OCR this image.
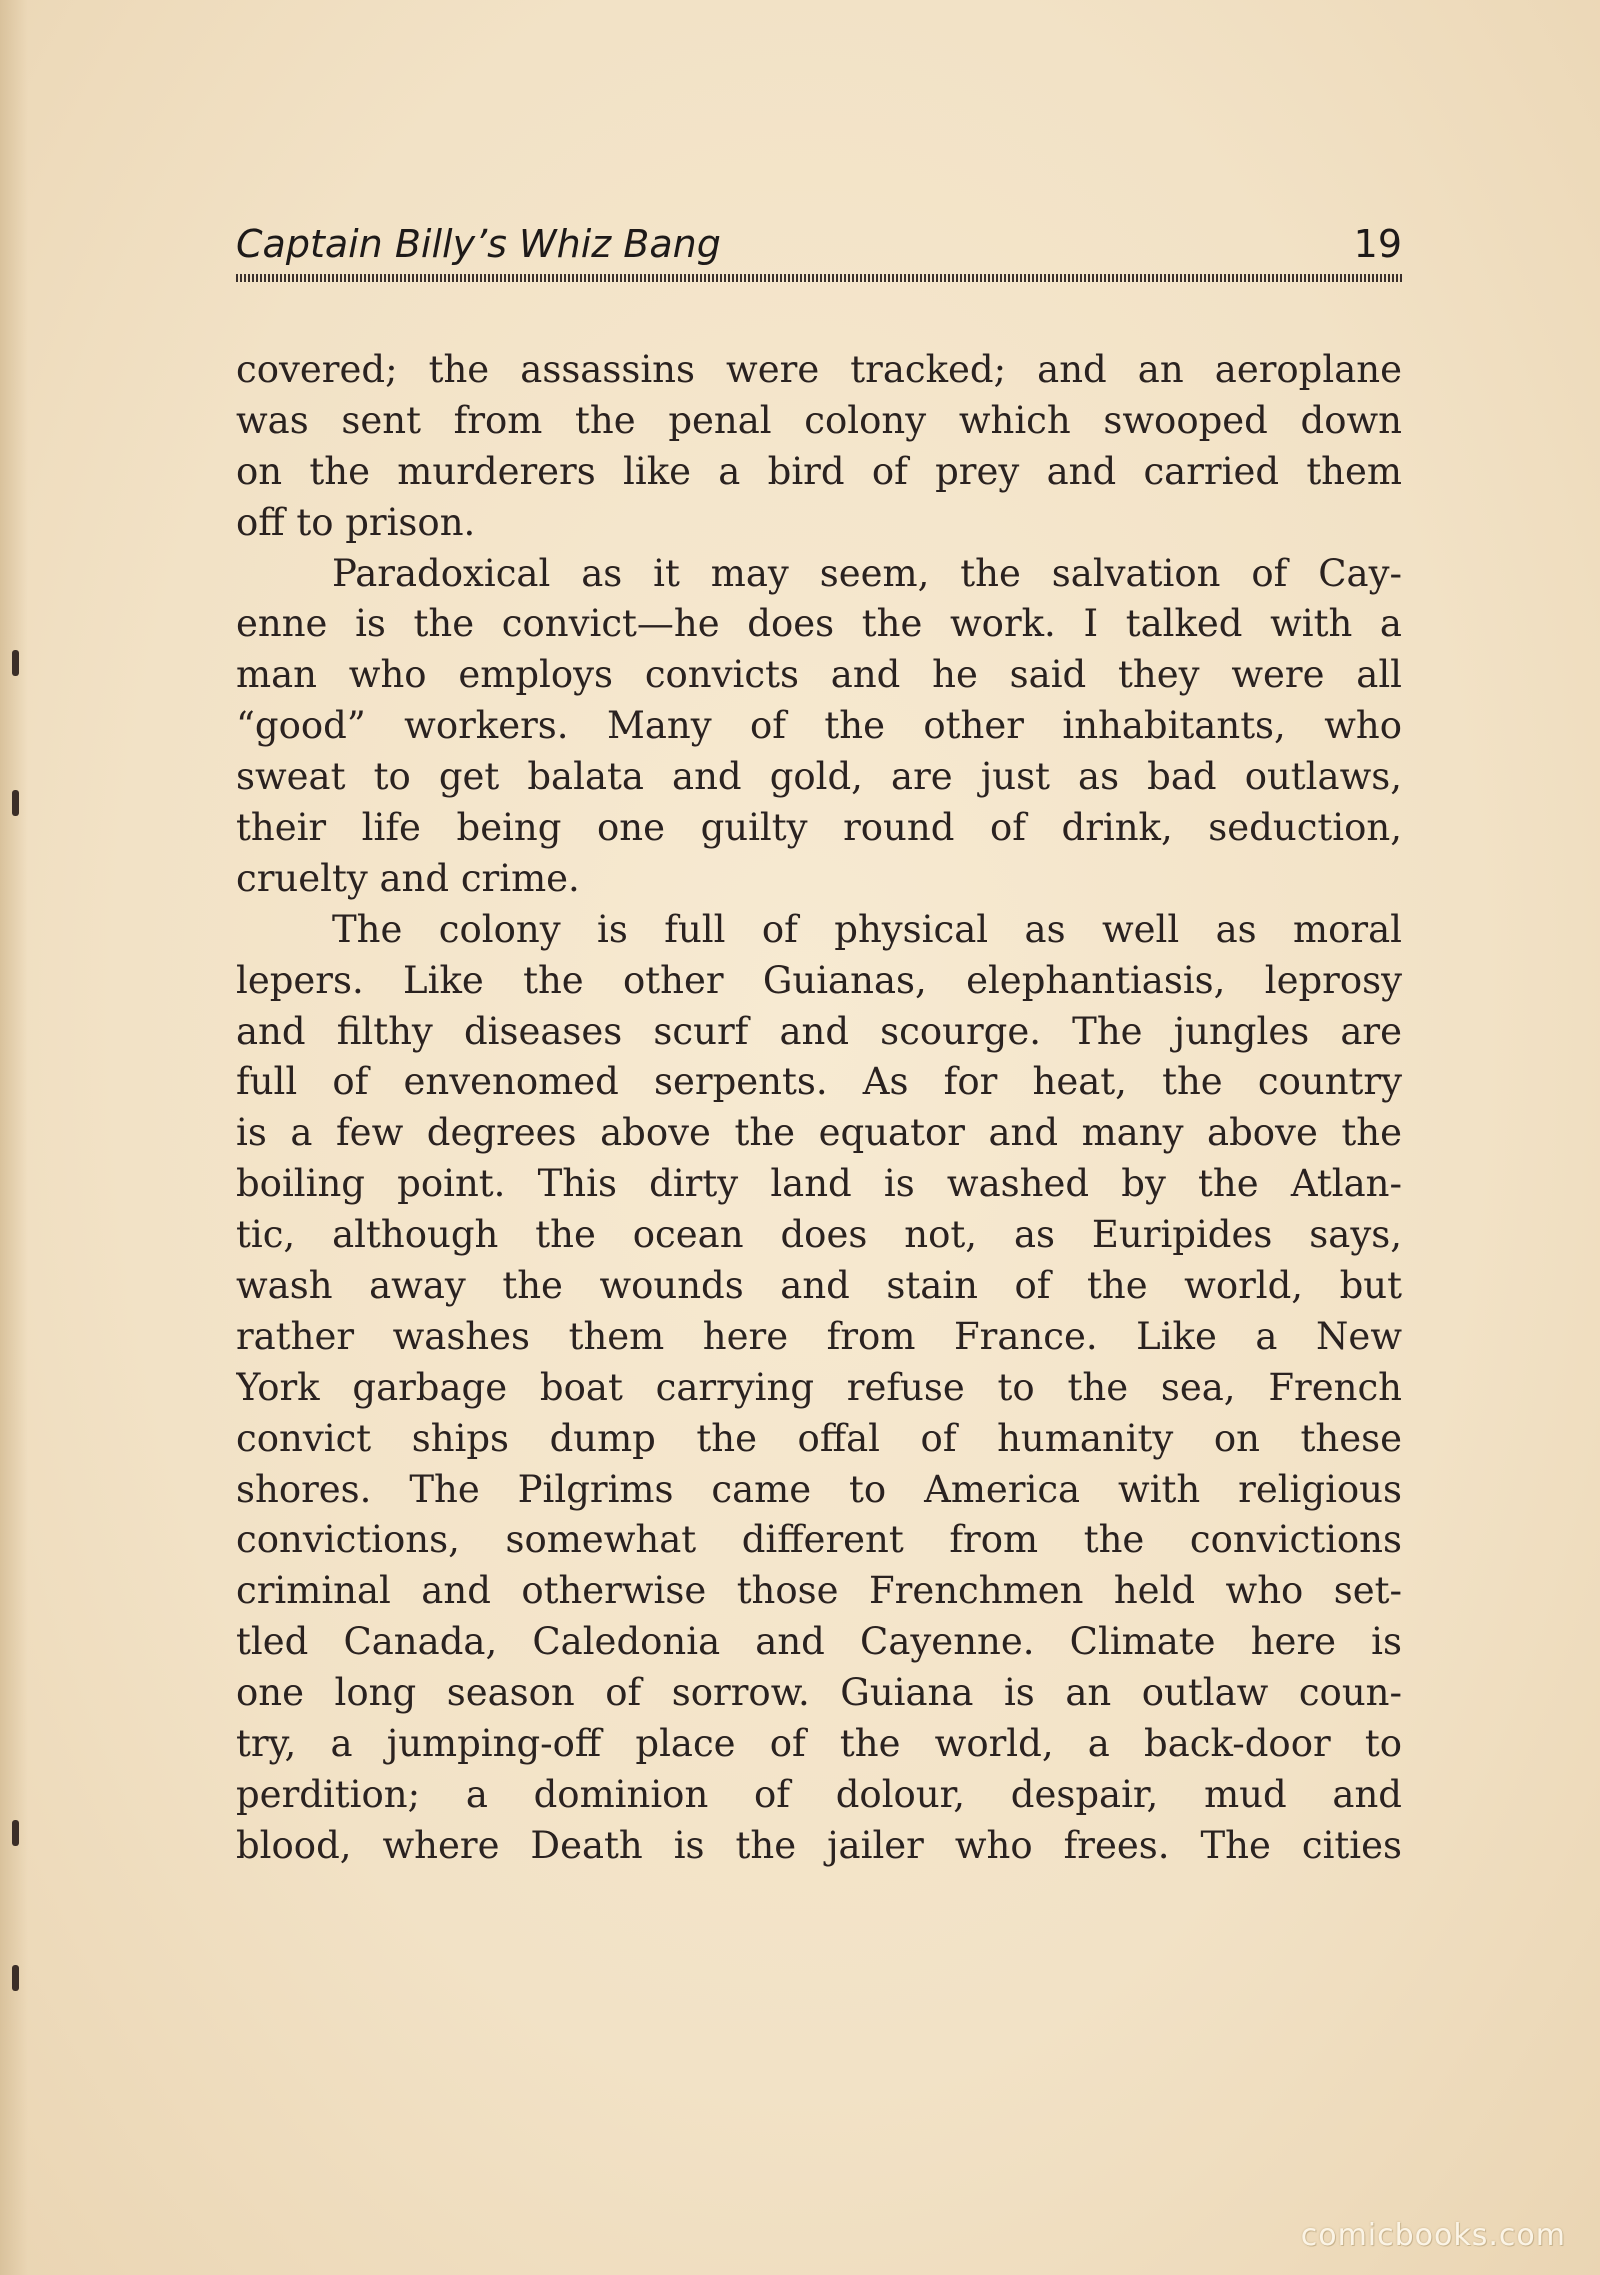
Captain Billy’s Whiz Bang	19
covered; the assassins were tracked; and an aeroplane
was sent from the penal colony which swooped down
on the murderers like a bird of prey and carried them
off to prison.
Paradoxical as it may seem, the salvation of Cay-
enne is the convict—he does the work. I talked with a
man who employs convicts and he said they were all
“good” workers. Many of the other inhabitants, who
sweat to get balata and gold, are just as bad outlaws,
their life being one guilty round of drink, seduction,
cruelty and crime.
The colony is full of physical as well as moral
lepers. Like the other Guianas, elephantiasis, leprosy
and filthy diseases scurf and scourge. The jungles are
full of envenomed serpents. As for heat, the country
is a few degrees above the equator and many above the
boiling point. This dirty land is washed by the Atlan-
tic, although the ocean does not, as Euripides says,
wash away the wounds and stain of the world, but
rather washes them here from France. Like a New
York garbage boat carrying refuse to the sea, French
convict ships dump the offal of humanity on these
shores. The Pilgrims came to America with religious
convictions, somewhat different from the convictions
criminal and otherwise those Frenchmen held who set-
tled Canada, Caledonia and Cayenne. Climate here is
one long season of sorrow. Guiana is an outlaw coun-
try, a jumping-off place of the world, a back-door to
perdition; a dominion of dolour, despair, mud and
blood, where Death is the jailer who frees. The cities
comicbooks.com
